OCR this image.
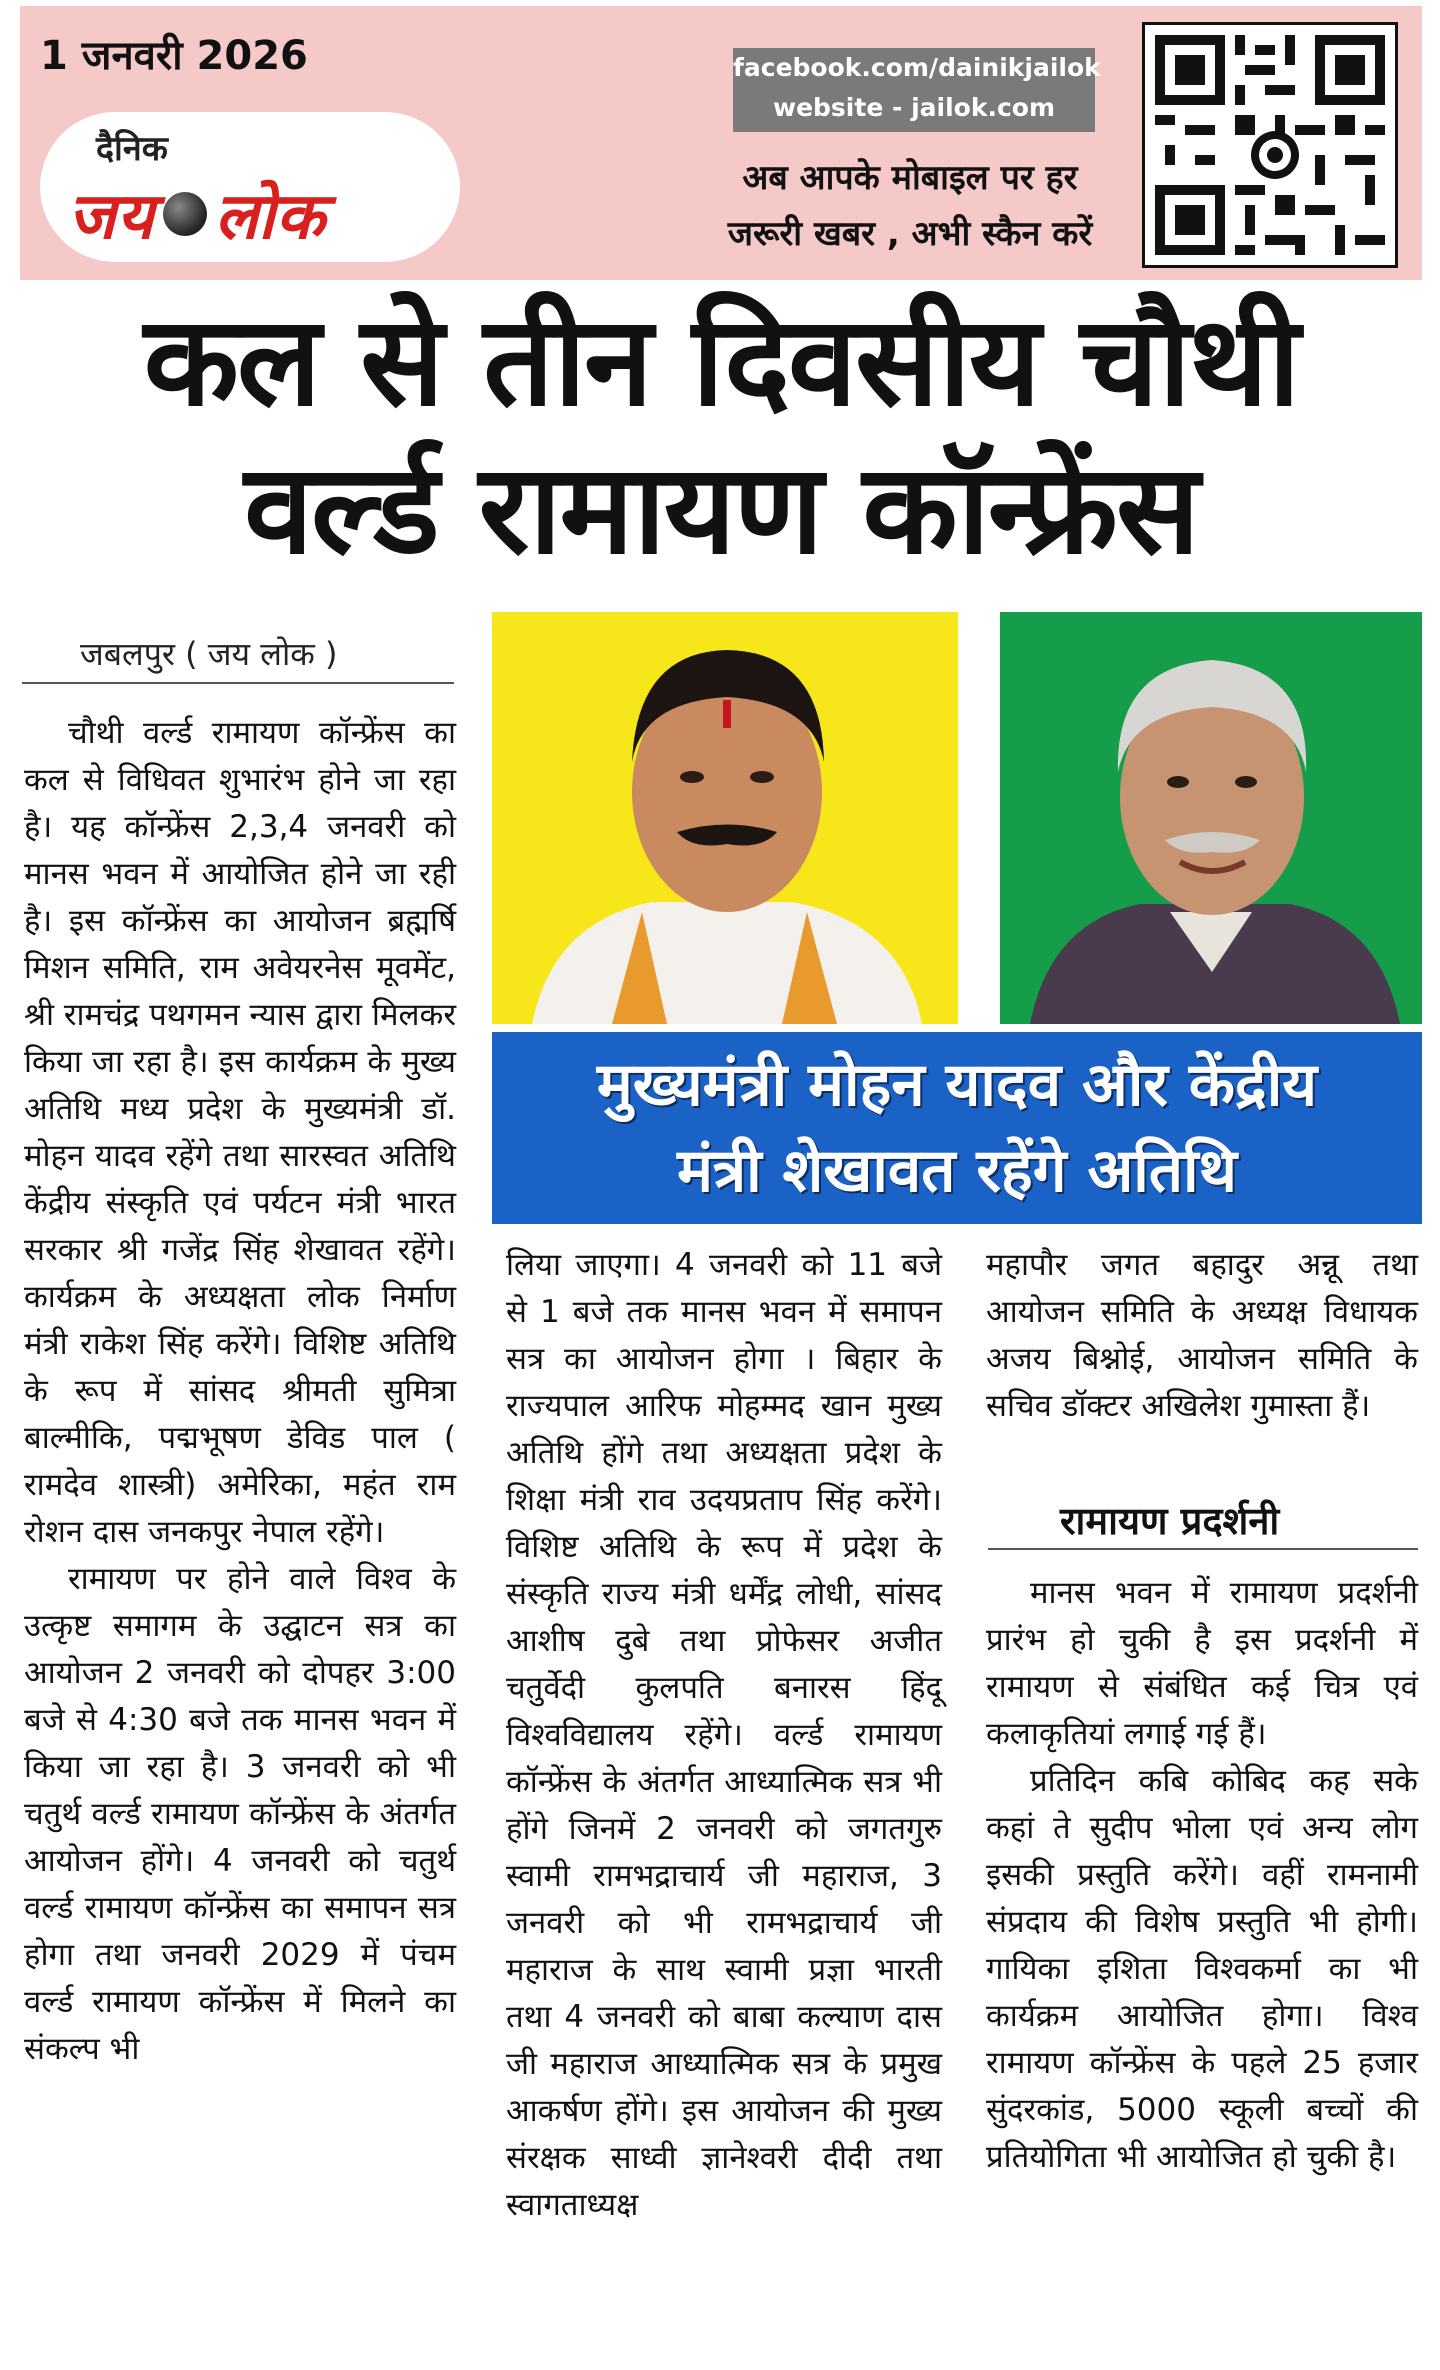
1 जनवरी 2026
दैनिक
जय लोक
facebook.com/dainikjailok
website - jailok.com
अब आपके मोबाइल पर हर
जरूरी खबर , अभी स्कैन करें
कल से तीन दिवसीय चौथी
वर्ल्ड रामायण कॉन्फ्रेंस
जबलपुर ( जय लोक )
मुख्यमंत्री मोहन यादव और केंद्रीय
मंत्री शेखावत रहेंगे अतिथि

चौथी वर्ल्ड रामायण कॉन्फ्रेंस का कल से विधिवत शुभारंभ होने जा रहा है। यह कॉन्फ्रेंस 2,3,4 जनवरी को मानस भवन में आयोजित होने जा रही है। इस कॉन्फ्रेंस का आयोजन ब्रह्मर्षि मिशन समिति, राम अवेयरनेस मूवमेंट, श्री रामचंद्र पथगमन न्यास द्वारा मिलकर किया जा रहा है। इस कार्यक्रम के मुख्य अतिथि मध्य प्रदेश के मुख्यमंत्री डॉ. मोहन यादव रहेंगे तथा सारस्वत अतिथि केंद्रीय संस्कृति एवं पर्यटन मंत्री भारत सरकार श्री गजेंद्र सिंह शेखावत रहेंगे। कार्यक्रम के अध्यक्षता लोक निर्माण मंत्री राकेश सिंह करेंगे। विशिष्ट अतिथि के रूप में सांसद श्रीमती सुमित्रा बाल्मीकि, पद्मभूषण डेविड पाल ( रामदेव शास्त्री) अमेरिका, महंत राम रोशन दास जनकपुर नेपाल रहेंगे।

रामायण पर होने वाले विश्व के उत्कृष्ट समागम के उद्घाटन सत्र का आयोजन 2 जनवरी को दोपहर 3:00 बजे से 4:30 बजे तक मानस भवन में किया जा रहा है। 3 जनवरी को भी चतुर्थ वर्ल्ड रामायण कॉन्फ्रेंस के अंतर्गत आयोजन होंगे। 4 जनवरी को चतुर्थ वर्ल्ड रामायण कॉन्फ्रेंस का समापन सत्र होगा तथा जनवरी 2029 में पंचम वर्ल्ड रामायण कॉन्फ्रेंस में मिलने का संकल्प भी

लिया जाएगा। 4 जनवरी को 11 बजे से 1 बजे तक मानस भवन में समापन सत्र का आयोजन होगा । बिहार के राज्यपाल आरिफ मोहम्मद खान मुख्य अतिथि होंगे तथा अध्यक्षता प्रदेश के शिक्षा मंत्री राव उदयप्रताप सिंह करेंगे। विशिष्ट अतिथि के रूप में प्रदेश के संस्कृति राज्य मंत्री धर्मेंद्र लोधी, सांसद आशीष दुबे तथा प्रोफेसर अजीत चतुर्वेदी कुलपति बनारस हिंदू विश्वविद्यालय रहेंगे। वर्ल्ड रामायण कॉन्फ्रेंस के अंतर्गत आध्यात्मिक सत्र भी होंगे जिनमें 2 जनवरी को जगतगुरु स्वामी रामभद्राचार्य जी महाराज, 3 जनवरी को भी रामभद्राचार्य जी महाराज के साथ स्वामी प्रज्ञा भारती तथा 4 जनवरी को बाबा कल्याण दास जी महाराज आध्यात्मिक सत्र के प्रमुख आकर्षण होंगे। इस आयोजन की मुख्य संरक्षक साध्वी ज्ञानेश्वरी दीदी तथा स्वागताध्यक्ष

महापौर जगत बहादुर अन्नू तथा आयोजन समिति के अध्यक्ष विधायक अजय बिश्नोई, आयोजन समिति के सचिव डॉक्टर अखिलेश गुमास्ता हैं।

रामायण प्रदर्शनी

मानस भवन में रामायण प्रदर्शनी प्रारंभ हो चुकी है इस प्रदर्शनी में रामायण से संबंधित कई चित्र एवं कलाकृतियां लगाई गई हैं।

प्रतिदिन कबि कोबिद कह सके कहां ते सुदीप भोला एवं अन्य लोग इसकी प्रस्तुति करेंगे। वहीं रामनामी संप्रदाय की विशेष प्रस्तुति भी होगी। गायिका इशिता विश्वकर्मा का भी कार्यक्रम आयोजित होगा। विश्व रामायण कॉन्फ्रेंस के पहले 25 हजार सुंदरकांड, 5000 स्कूली बच्चों की प्रतियोगिता भी आयोजित हो चुकी है।
